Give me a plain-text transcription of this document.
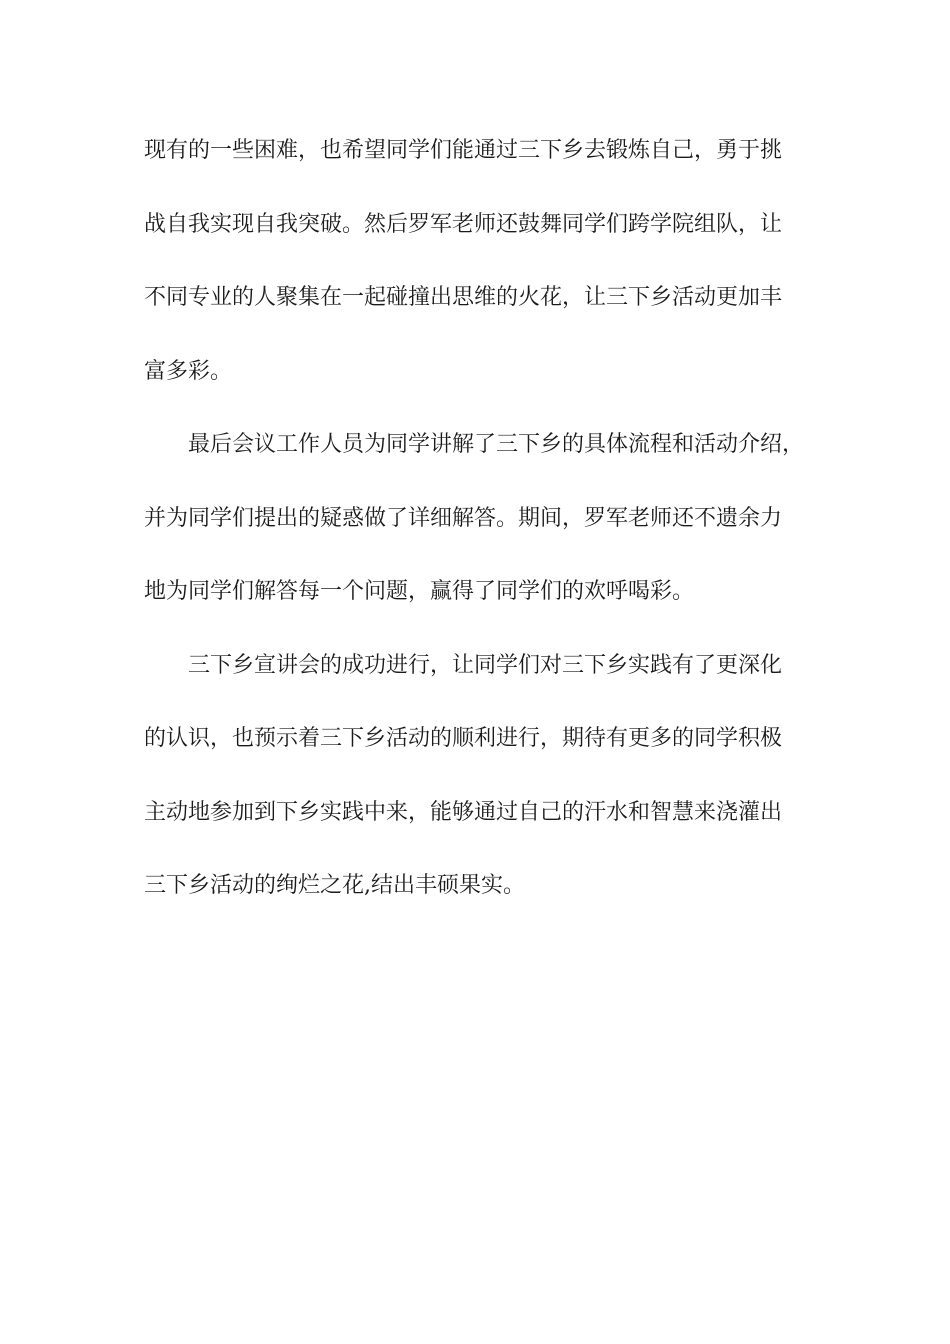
现有的一些困难，也希望同学们能通过三下乡去锻炼自己，勇于挑
战自我实现自我突破。然后罗军老师还鼓舞同学们跨学院组队，让
不同专业的人聚集在一起碰撞出思维的火花，让三下乡活动更加丰
富多彩。
　　最后会议工作人员为同学讲解了三下乡的具体流程和活动介绍，
并为同学们提出的疑惑做了详细解答。期间，罗军老师还不遗余力
地为同学们解答每一个问题，赢得了同学们的欢呼喝彩。
　　三下乡宣讲会的成功进行，让同学们对三下乡实践有了更深化
的认识，也预示着三下乡活动的顺利进行，期待有更多的同学积极
主动地参加到下乡实践中来，能够通过自己的汗水和智慧来浇灌出
三下乡活动的绚烂之花,结出丰硕果实。
